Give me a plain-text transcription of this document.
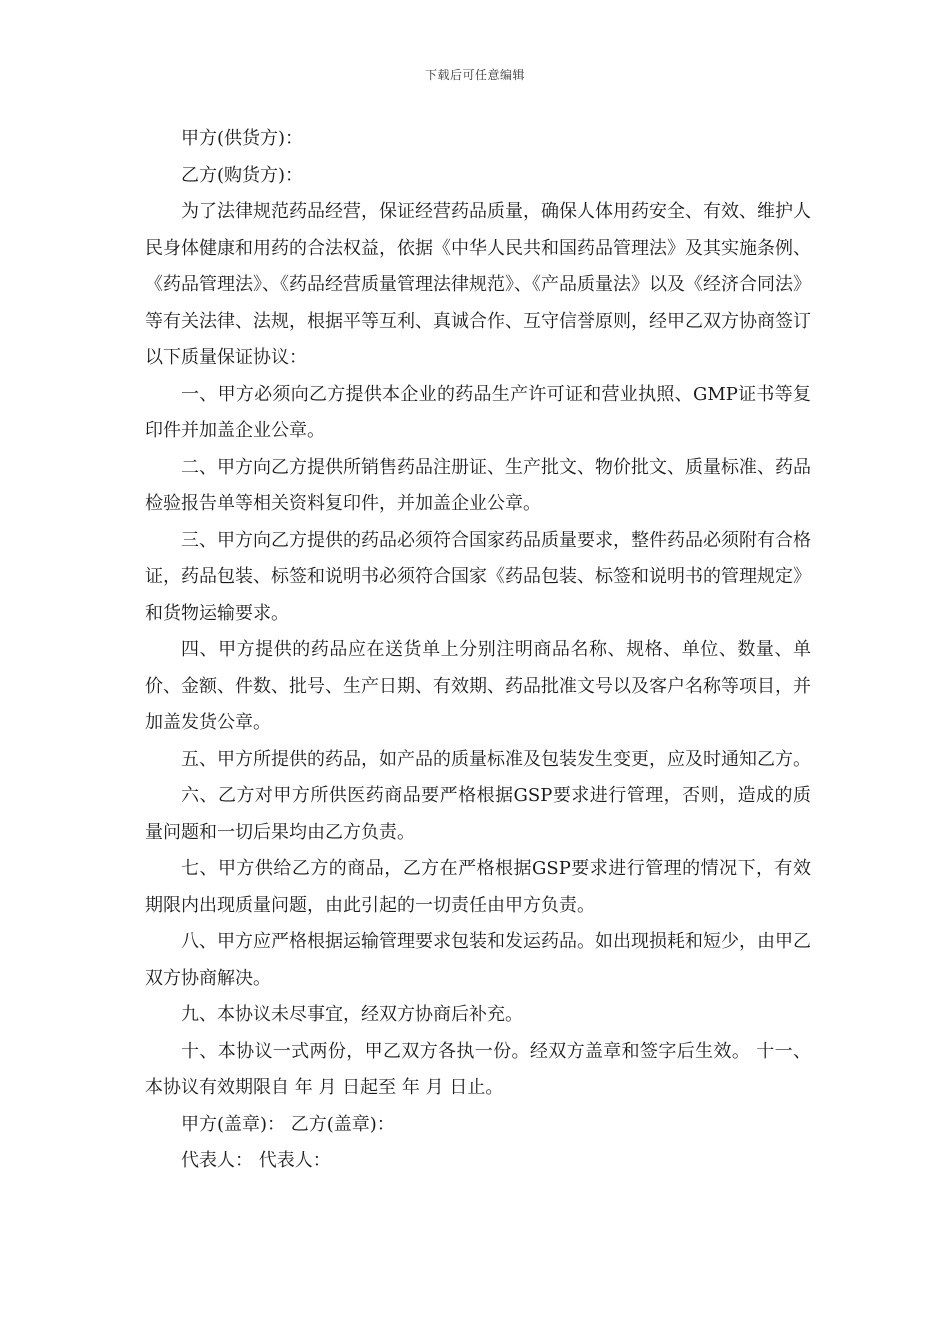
下载后可任意编辑

甲方(供货方)：

乙方(购货方)：

为了法律规范药品经营，保证经营药品质量，确保人体用药安全、有效、维护人民身体健康和用药的合法权益，依据《中华人民共和国药品管理法》及其实施条例、《药品管理法》、《药品经营质量管理法律规范》、《产品质量法》以及《经济合同法》等有关法律、法规，根据平等互利、真诚合作、互守信誉原则，经甲乙双方协商签订以下质量保证协议：

一、甲方必须向乙方提供本企业的药品生产许可证和营业执照、GMP证书等复印件并加盖企业公章。

二、甲方向乙方提供所销售药品注册证、生产批文、物价批文、质量标准、药品检验报告单等相关资料复印件，并加盖企业公章。

三、甲方向乙方提供的药品必须符合国家药品质量要求，整件药品必须附有合格证，药品包装、标签和说明书必须符合国家《药品包装、标签和说明书的管理规定》和货物运输要求。

四、甲方提供的药品应在送货单上分别注明商品名称、规格、单位、数量、单价、金额、件数、批号、生产日期、有效期、药品批准文号以及客户名称等项目，并加盖发货公章。

五、甲方所提供的药品，如产品的质量标准及包装发生变更，应及时通知乙方。

六、乙方对甲方所供医药商品要严格根据GSP要求进行管理，否则，造成的质量问题和一切后果均由乙方负责。

七、甲方供给乙方的商品，乙方在严格根据GSP要求进行管理的情况下，有效期限内出现质量问题，由此引起的一切责任由甲方负责。

八、甲方应严格根据运输管理要求包装和发运药品。如出现损耗和短少，由甲乙双方协商解决。

九、本协议未尽事宜，经双方协商后补充。

十、本协议一式两份，甲乙双方各执一份。经双方盖章和签字后生效。 十一、本协议有效期限自 年 月 日起至 年 月 日止。

甲方(盖章)： 乙方(盖章)：

代表人： 代表人：
